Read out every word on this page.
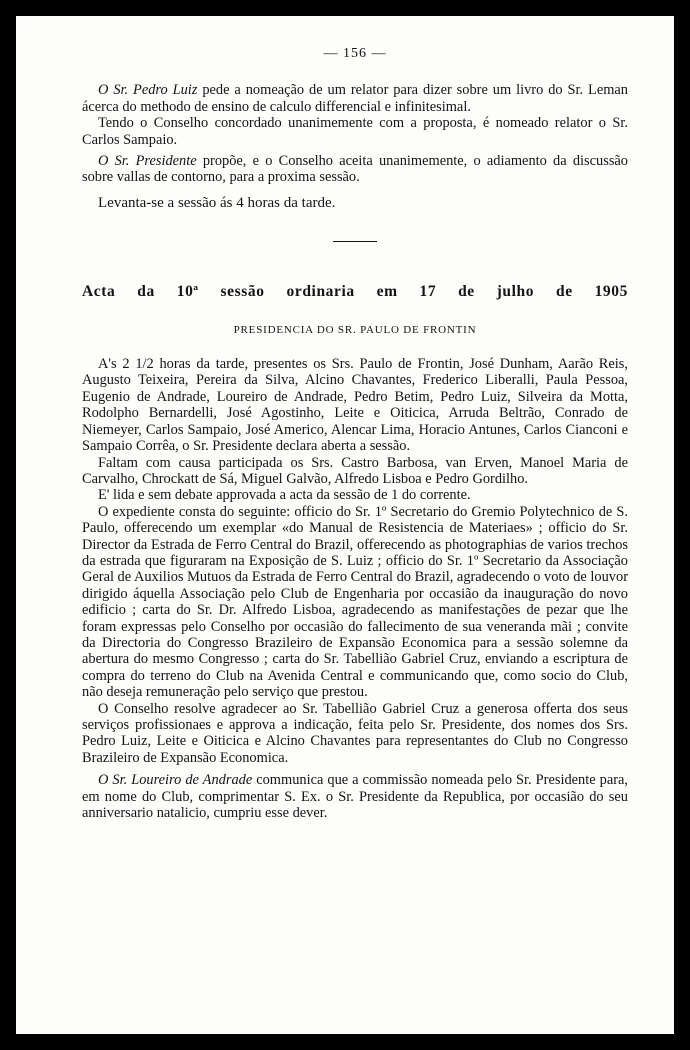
— 156 —

O Sr. Pedro Luiz pede a nomeação de um relator para dizer sobre um livro do Sr. Leman ácerca do methodo de ensino de calculo differencial e infinitesimal.

Tendo o Conselho concordado unanimemente com a proposta, é nomeado relator o Sr. Carlos Sampaio.

O Sr. Presidente propõe, e o Conselho aceita unanimemente, o adiamento da discussão sobre vallas de contorno, para a proxima sessão.

Levanta-se a sessão ás 4 horas da tarde.

Acta da 10ª sessão ordinaria em 17 de julho de 1905
PRESIDENCIA DO SR. PAULO DE FRONTIN

A's 2 1/2 horas da tarde, presentes os Srs. Paulo de Frontin, José Dunham, Aarão Reis, Augusto Teixeira, Pereira da Silva, Alcino Chavantes, Frederico Liberalli, Paula Pessoa, Eugenio de Andrade, Loureiro de Andrade, Pedro Betim, Pedro Luiz, Silveira da Motta, Rodolpho Bernardelli, José Agostinho, Leite e Oiticica, Arruda Beltrão, Conrado de Niemeyer, Carlos Sampaio, José Americo, Alencar Lima, Horacio Antunes, Carlos Cianconi e Sampaio Corrêa, o Sr. Presidente declara aberta a sessão.

Faltam com causa participada os Srs. Castro Barbosa, van Erven, Manoel Maria de Carvalho, Chrockatt de Sá, Miguel Galvão, Alfredo Lisboa e Pedro Gordilho.

E' lida e sem debate approvada a acta da sessão de 1 do corrente.

O expediente consta do seguinte: officio do Sr. 1º Secretario do Gremio Polytechnico de S. Paulo, offerecendo um exemplar «do Manual de Resistencia de Materiaes» ; officio do Sr. Director da Estrada de Ferro Central do Brazil, offerecendo as photographias de varios trechos da estrada que figuraram na Exposição de S. Luiz ; officio do Sr. 1º Secretario da Associação Geral de Auxilios Mutuos da Estrada de Ferro Central do Brazil, agradecendo o voto de louvor dirigido áquella Associação pelo Club de Engenharia por occasião da inauguração do novo edificio ; carta do Sr. Dr. Alfredo Lisboa, agradecendo as manifestações de pezar que lhe foram expressas pelo Conselho por occasião do fallecimento de sua veneranda mãi ; convite da Directoria do Congresso Brazileiro de Expansão Economica para a sessão solemne da abertura do mesmo Congresso ; carta do Sr. Tabellião Gabriel Cruz, enviando a escriptura de compra do terreno do Club na Avenida Central e communicando que, como socio do Club, não deseja remuneração pelo serviço que prestou.

O Conselho resolve agradecer ao Sr. Tabellião Gabriel Cruz a generosa offerta dos seus serviços profissionaes e approva a indicação, feita pelo Sr. Presidente, dos nomes dos Srs. Pedro Luiz, Leite e Oiticica e Alcino Chavantes para representantes do Club no Congresso Brazileiro de Expansão Economica.

O Sr. Loureiro de Andrade communica que a commissão nomeada pelo Sr. Presidente para, em nome do Club, comprimentar S. Ex. o Sr. Presidente da Republica, por occasião do seu anniversario natalicio, cumpriu esse dever.
